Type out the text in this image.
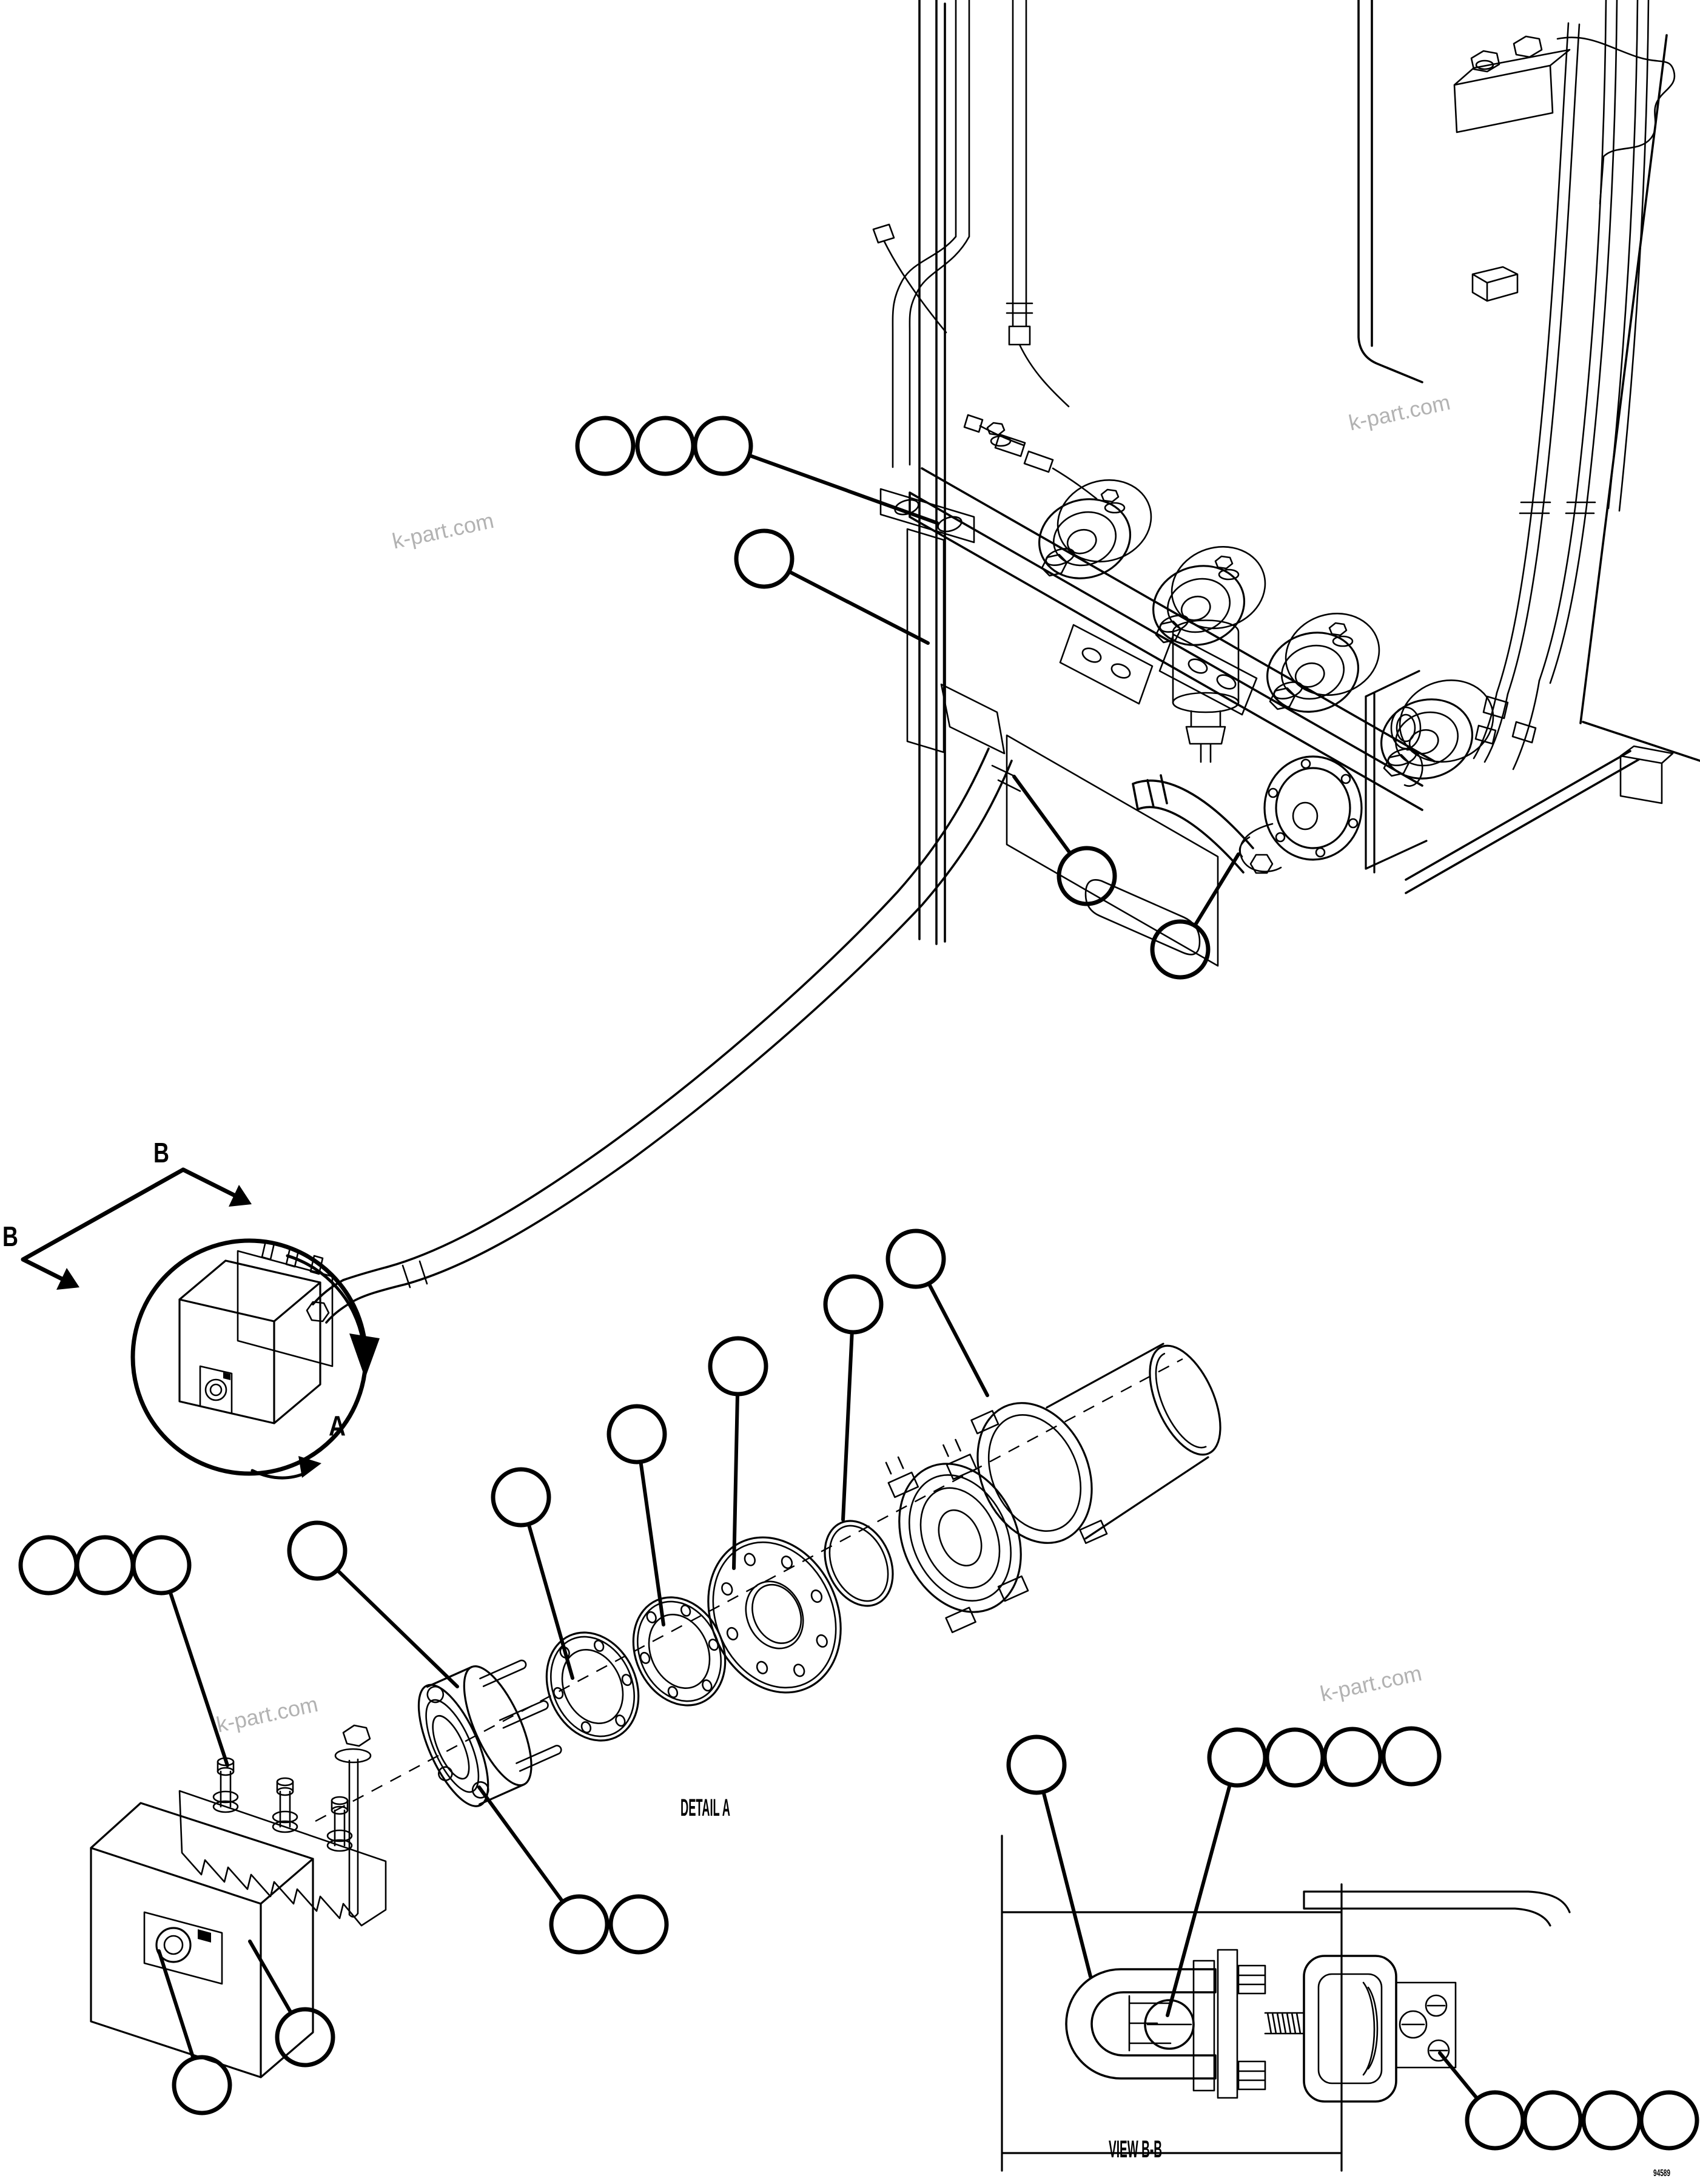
k-part.com
k-part.com
k-part.com
k-part.com
B
B
A
DETAIL A
VIEW B-B
94589
